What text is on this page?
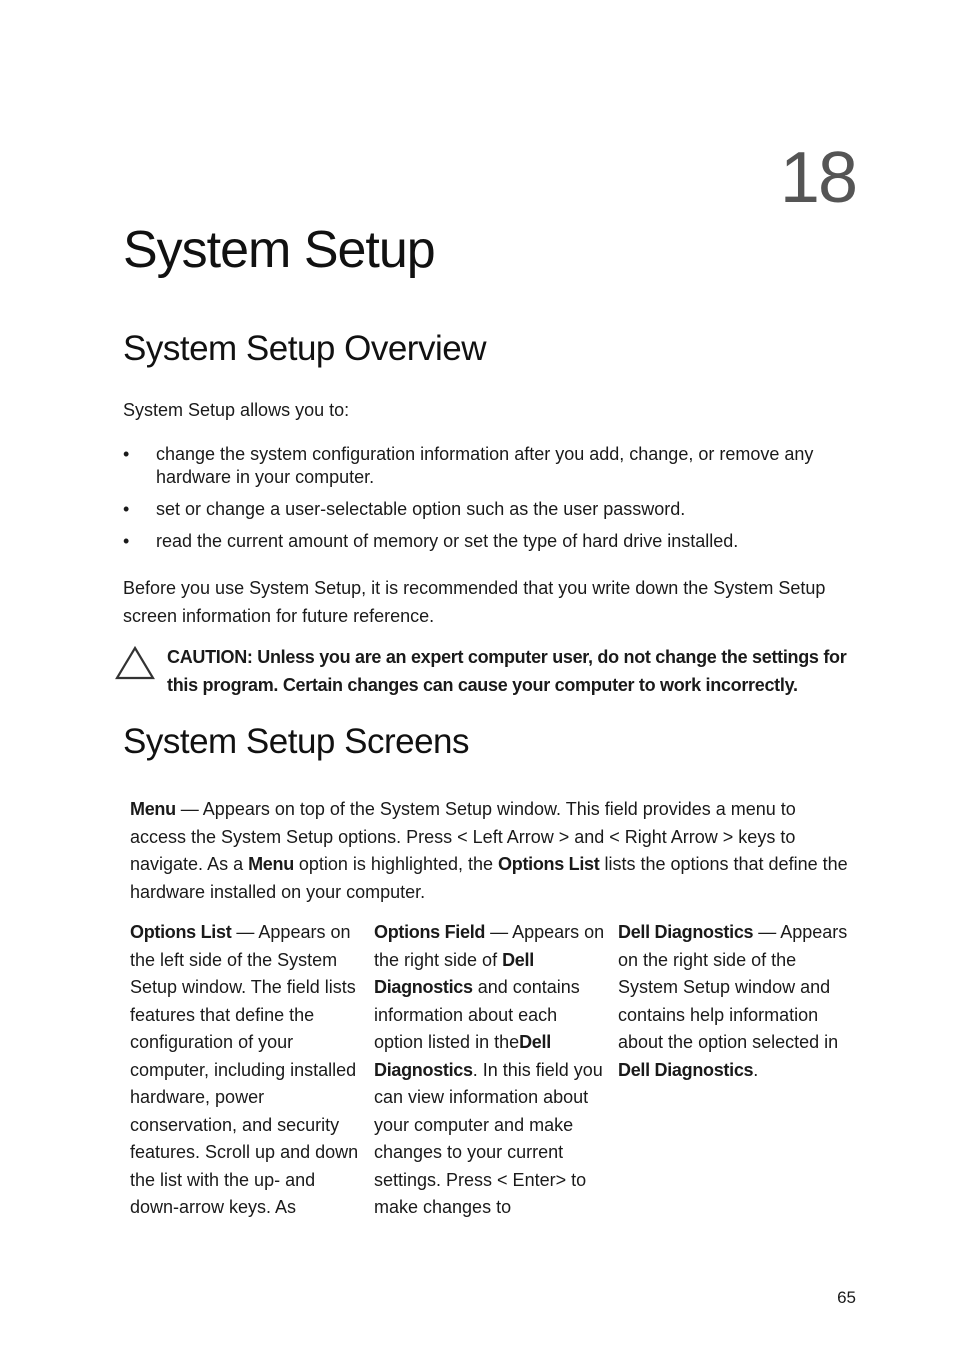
18
System Setup
System Setup Overview

System Setup allows you to:

• change the system configuration information after you add, change, or remove any hardware in your computer.
• set or change a user-selectable option such as the user password.
• read the current amount of memory or set the type of hard drive installed.

Before you use System Setup, it is recommended that you write down the System Setup screen information for future reference.

CAUTION: Unless you are an expert computer user, do not change the settings for this program. Certain changes can cause your computer to work incorrectly.
System Setup Screens
Menu — Appears on top of the System Setup window. This field provides a menu to access the System Setup options. Press < Left Arrow > and < Right Arrow > keys to navigate. As a Menu option is highlighted, the Options List lists the options that define the hardware installed on your computer.
Options List — Appears on the left side of the System Setup window. The field lists features that define the configuration of your computer, including installed hardware, power conservation, and security features. Scroll up and down the list with the up- and down-arrow keys. As
Options Field — Appears on the right side of Dell Diagnostics and contains information about each option listed in theDell Diagnostics. In this field you can view information about your computer and make changes to your current settings. Press < Enter> to make changes to
Dell Diagnostics — Appears on the right side of the System Setup window and contains help information about the option selected in Dell Diagnostics.
65
